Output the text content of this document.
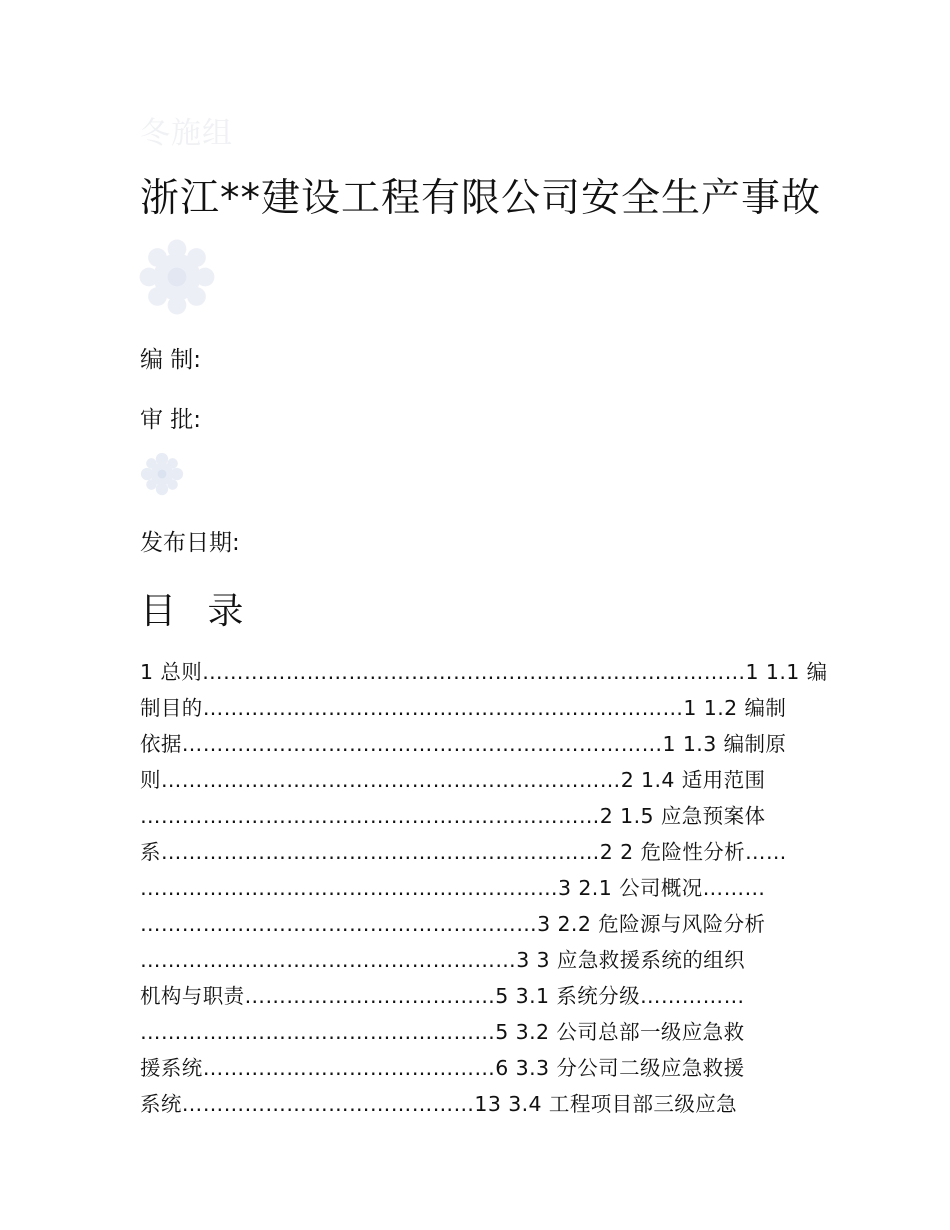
冬施组
浙江**建设工程有限公司安全生产事故
编 制:
审 批:
发布日期:
目 录
1 总则……………………………………………………………………1 1.1 编
制目的……………………………………………………………1 1.2 编制
依据……………………………………………………………1 1.3 编制原
则…………………………………………………………2 1.4 适用范围
…………………………………………………………2 1.5 应急预案体
系………………………………………………………2 2 危险性分析……
……………………………………………………3 2.1 公司概况………
…………………………………………………3 2.2 危险源与风险分析
………………………………………………3 3 应急救援系统的组织
机构与职责………………………………5 3.1 系统分级……………
……………………………………………5 3.2 公司总部一级应急救
援系统……………………………………6 3.3 分公司二级应急救援
系统……………………………………13 3.4 工程项目部三级应急
